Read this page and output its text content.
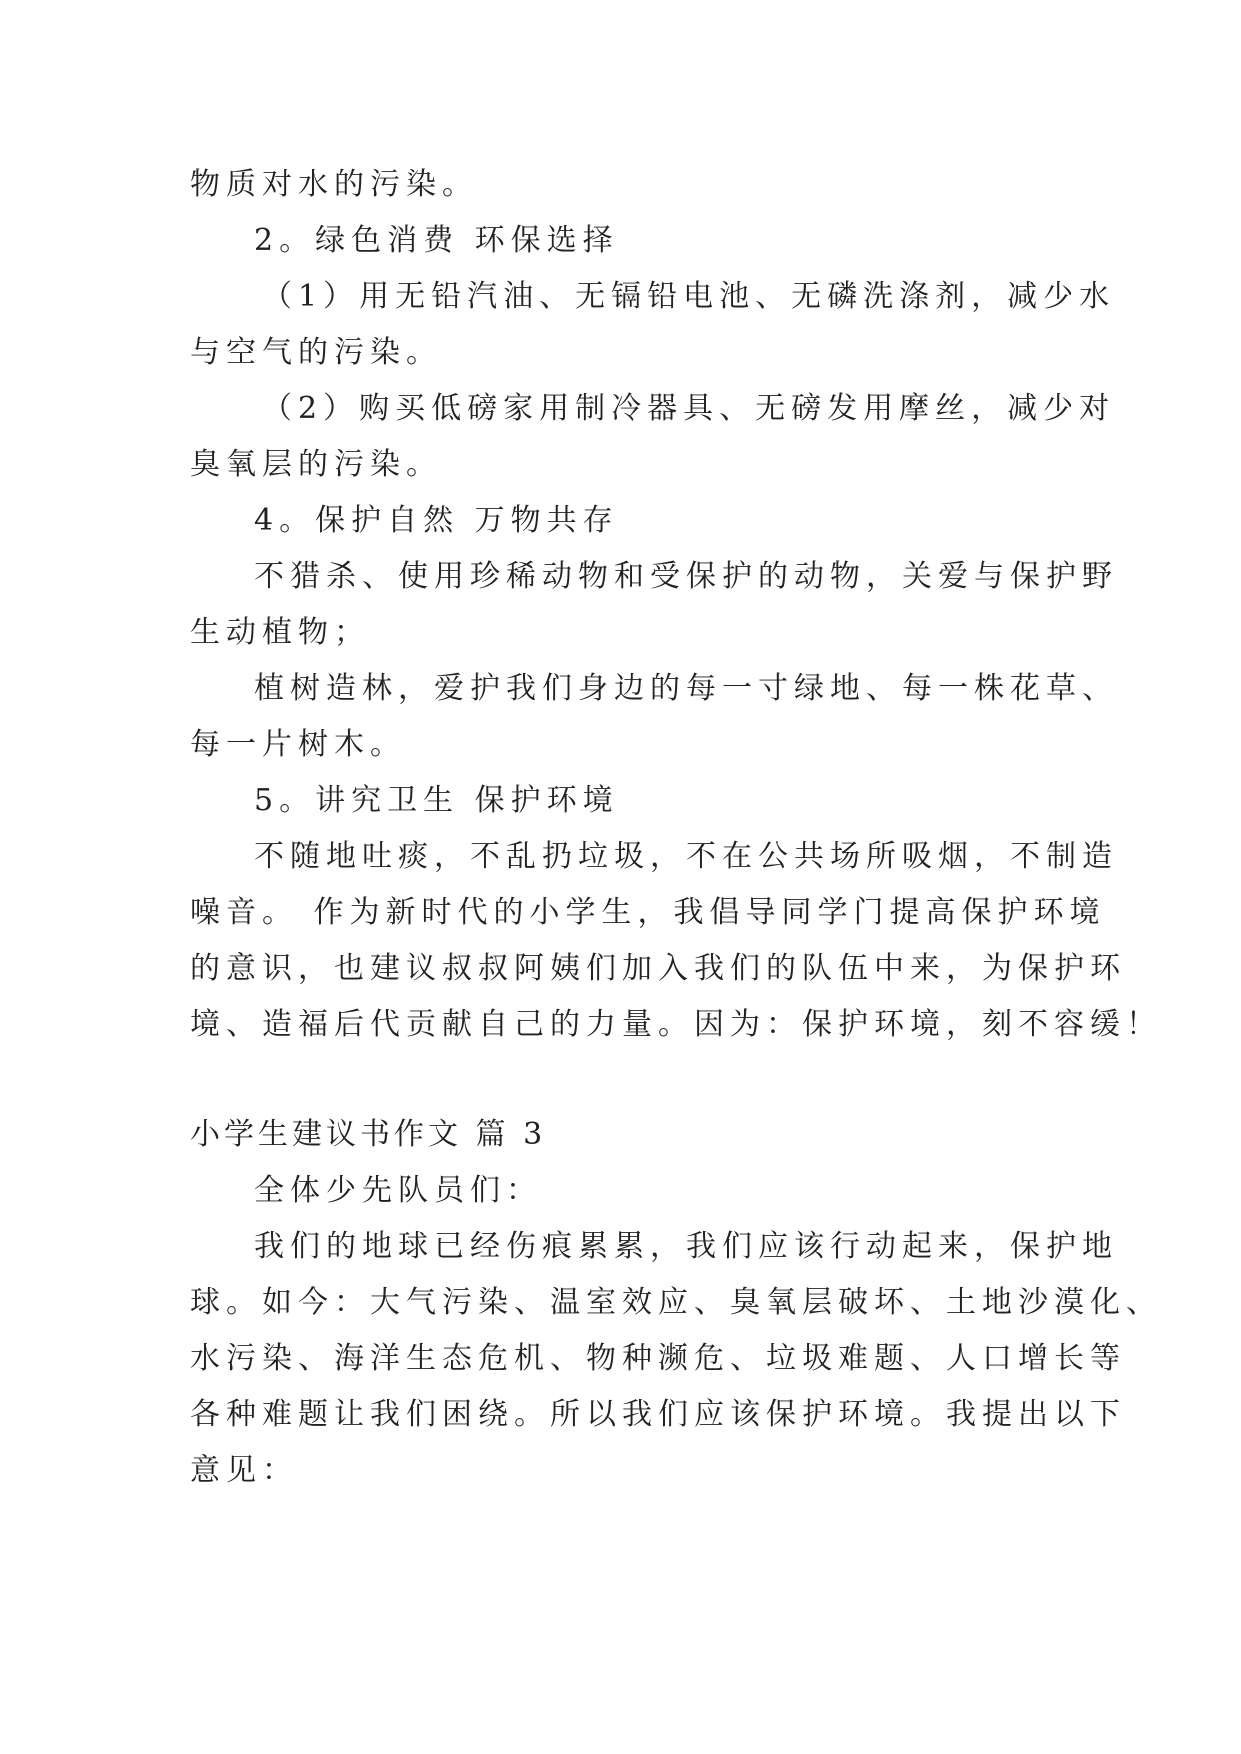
物质对水的污染。
2。绿色消费 环保选择
（1）用无铅汽油、无镉铅电池、无磷洗涤剂，减少水
与空气的污染。
（2）购买低磅家用制冷器具、无磅发用摩丝，减少对
臭氧层的污染。
4。保护自然 万物共存
不猎杀、使用珍稀动物和受保护的动物，关爱与保护野
生动植物；
植树造林，爱护我们身边的每一寸绿地、每一株花草、
每一片树木。
5。讲究卫生 保护环境
不随地吐痰，不乱扔垃圾，不在公共场所吸烟，不制造
噪音。 作为新时代的小学生，我倡导同学门提高保护环境
的意识，也建议叔叔阿姨们加入我们的队伍中来，为保护环
境、造福后代贡献自己的力量。因为：保护环境，刻不容缓！
小学生建议书作文 篇 3
全体少先队员们：
我们的地球已经伤痕累累，我们应该行动起来，保护地
球。如今：大气污染、温室效应、臭氧层破坏、土地沙漠化、
水污染、海洋生态危机、物种濒危、垃圾难题、人口增长等
各种难题让我们困绕。所以我们应该保护环境。我提出以下
意见：
